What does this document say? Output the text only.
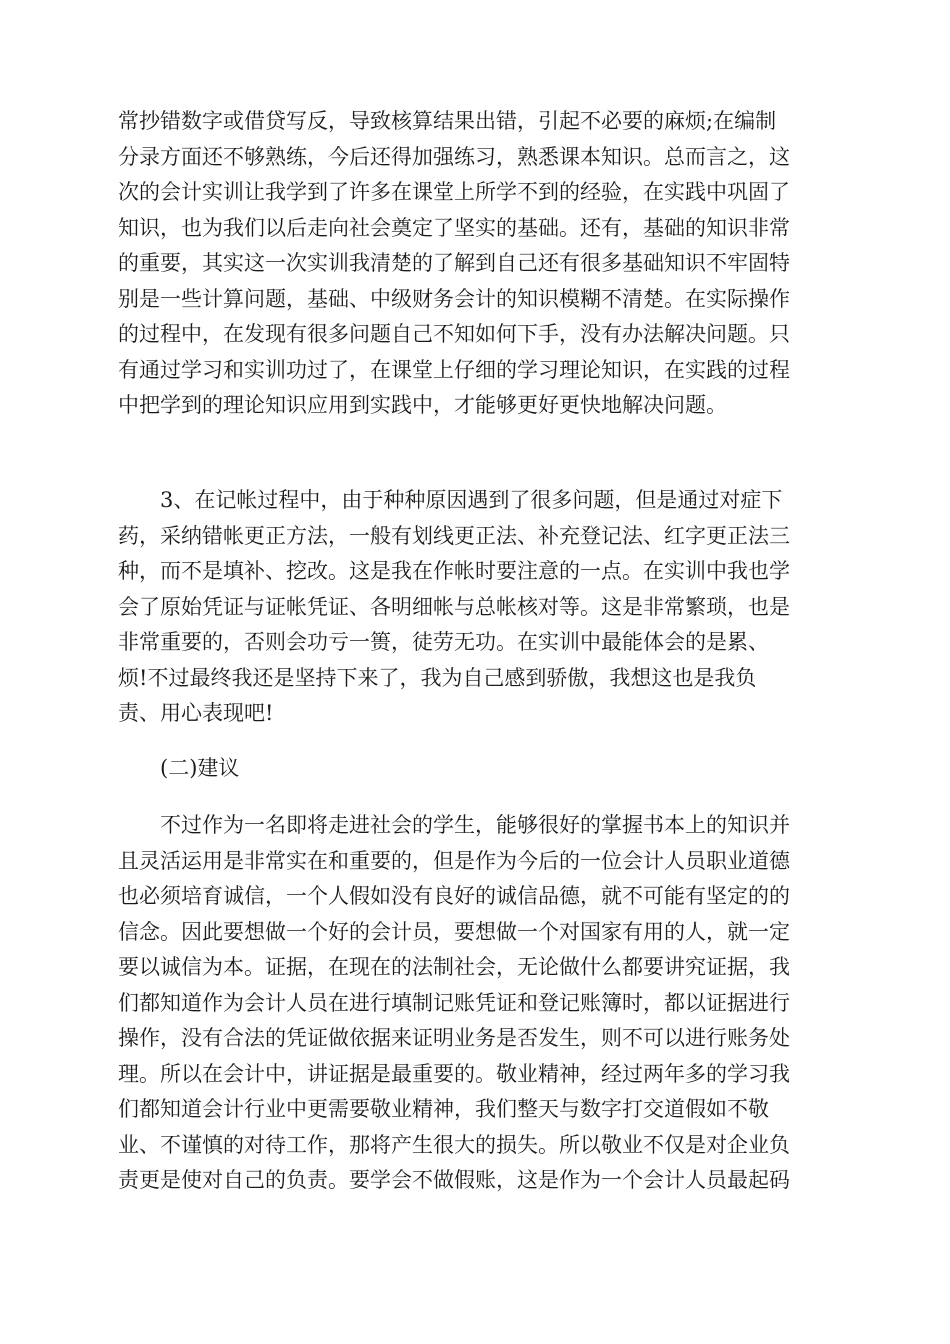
常抄错数字或借贷写反，导致核算结果出错，引起不必要的麻烦;在编制
分录方面还不够熟练，今后还得加强练习，熟悉课本知识。总而言之，这
次的会计实训让我学到了许多在课堂上所学不到的经验，在实践中巩固了
知识，也为我们以后走向社会奠定了坚实的基础。还有，基础的知识非常
的重要，其实这一次实训我清楚的了解到自己还有很多基础知识不牢固特
别是一些计算问题，基础、中级财务会计的知识模糊不清楚。在实际操作
的过程中，在发现有很多问题自己不知如何下手，没有办法解决问题。只
有通过学习和实训功过了，在课堂上仔细的学习理论知识，在实践的过程
中把学到的理论知识应用到实践中，才能够更好更快地解决问题。
　　3、在记帐过程中，由于种种原因遇到了很多问题，但是通过对症下
药，采纳错帐更正方法，一般有划线更正法、补充登记法、红字更正法三
种，而不是填补、挖改。这是我在作帐时要注意的一点。在实训中我也学
会了原始凭证与证帐凭证、各明细帐与总帐核对等。这是非常繁琐，也是
非常重要的，否则会功亏一篑，徒劳无功。在实训中最能体会的是累、
烦!不过最终我还是坚持下来了，我为自己感到骄傲，我想这也是我负
责、用心表现吧!
　　(二)建议
　　不过作为一名即将走进社会的学生，能够很好的掌握书本上的知识并
且灵活运用是非常实在和重要的，但是作为今后的一位会计人员职业道德
也必须培育诚信，一个人假如没有良好的诚信品德，就不可能有坚定的的
信念。因此要想做一个好的会计员，要想做一个对国家有用的人，就一定
要以诚信为本。证据，在现在的法制社会，无论做什么都要讲究证据，我
们都知道作为会计人员在进行填制记账凭证和登记账簿时，都以证据进行
操作，没有合法的凭证做依据来证明业务是否发生，则不可以进行账务处
理。所以在会计中，讲证据是最重要的。敬业精神，经过两年多的学习我
们都知道会计行业中更需要敬业精神，我们整天与数字打交道假如不敬
业、不谨慎的对待工作，那将产生很大的损失。所以敬业不仅是对企业负
责更是使对自己的负责。要学会不做假账，这是作为一个会计人员最起码
